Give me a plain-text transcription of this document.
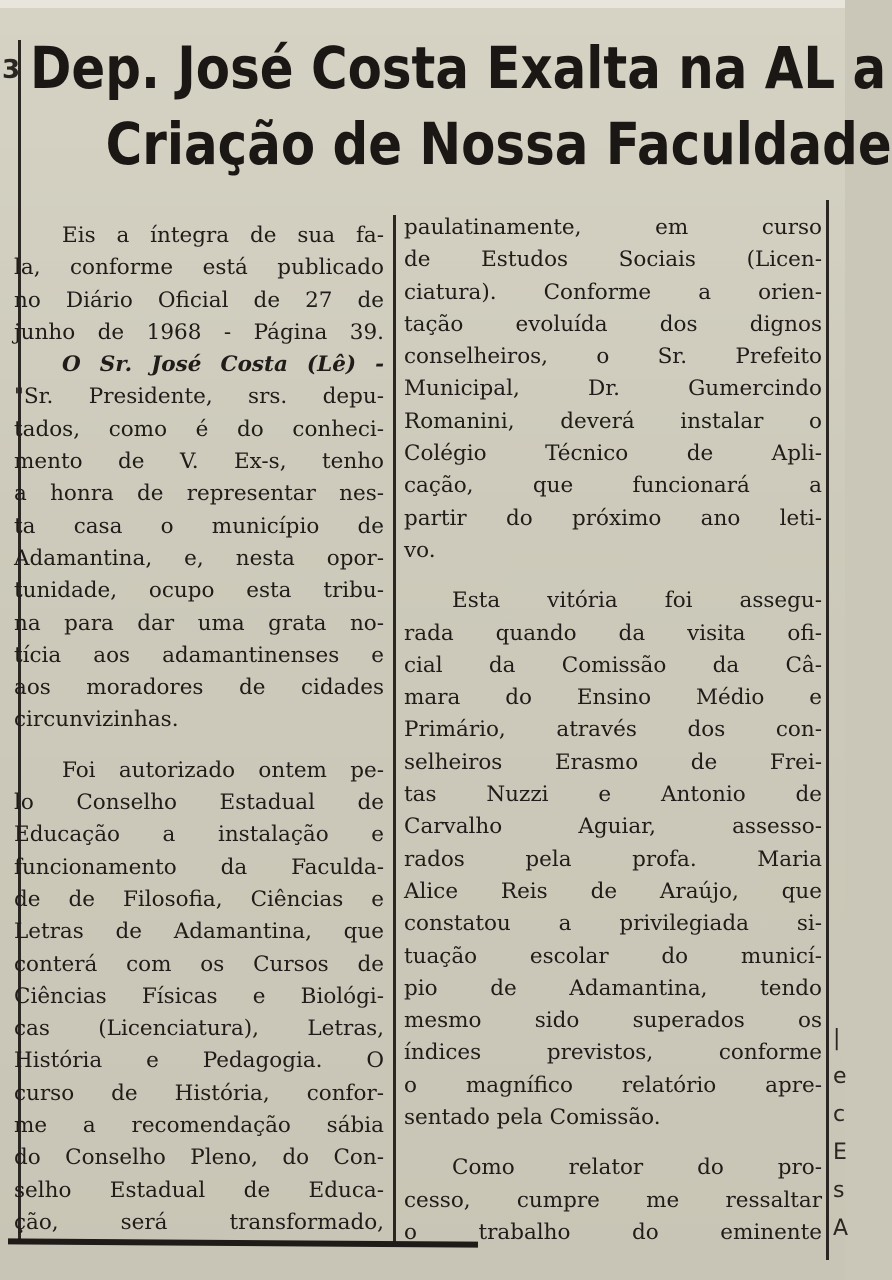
3
|
e
c
E
s
A
Dep. José Costa Exalta na AL a
Criação de Nossa Faculdade
Eis a íntegra de sua fa-
la, conforme está publicado
no Diário Oficial de 27 de
junho de 1968 - Página 39.
O Sr. José Costa (Lê) -
"Sr. Presidente, srs. depu-
tados, como é do conheci-
mento de V. Ex-s, tenho
a honra de representar nes-
ta casa o município de
Adamantina, e, nesta opor-
tunidade, ocupo esta tribu-
na para dar uma grata no-
tícia aos adamantinenses e
aos moradores de cidades
circunvizinhas.
Foi autorizado ontem pe-
lo Conselho Estadual de
Educação a instalação e
funcionamento da Faculda-
de de Filosofia, Ciências e
Letras de Adamantina, que
conterá com os Cursos de
Ciências Físicas e Biológi-
cas (Licenciatura), Letras,
História e Pedagogia. O
curso de História, confor-
me a recomendação sábia
do Conselho Pleno, do Con-
selho Estadual de Educa-
ção, será transformado,
paulatinamente, em curso
de Estudos Sociais (Licen-
ciatura). Conforme a orien-
tação evoluída dos dignos
conselheiros, o Sr. Prefeito
Municipal, Dr. Gumercindo
Romanini, deverá instalar o
Colégio Técnico de Apli-
cação, que funcionará a
partir do próximo ano leti-
vo.
Esta vitória foi assegu-
rada quando da visita ofi-
cial da Comissão da Câ-
mara do Ensino Médio e
Primário, através dos con-
selheiros Erasmo de Frei-
tas Nuzzi e Antonio de
Carvalho Aguiar, assesso-
rados pela profa. Maria
Alice Reis de Araújo, que
constatou a privilegiada si-
tuação escolar do municí-
pio de Adamantina, tendo
mesmo sido superados os
índices previstos, conforme
o magnífico relatório apre-
sentado pela Comissão.
Como relator do pro-
cesso, cumpre me ressaltar
o trabalho do eminente
